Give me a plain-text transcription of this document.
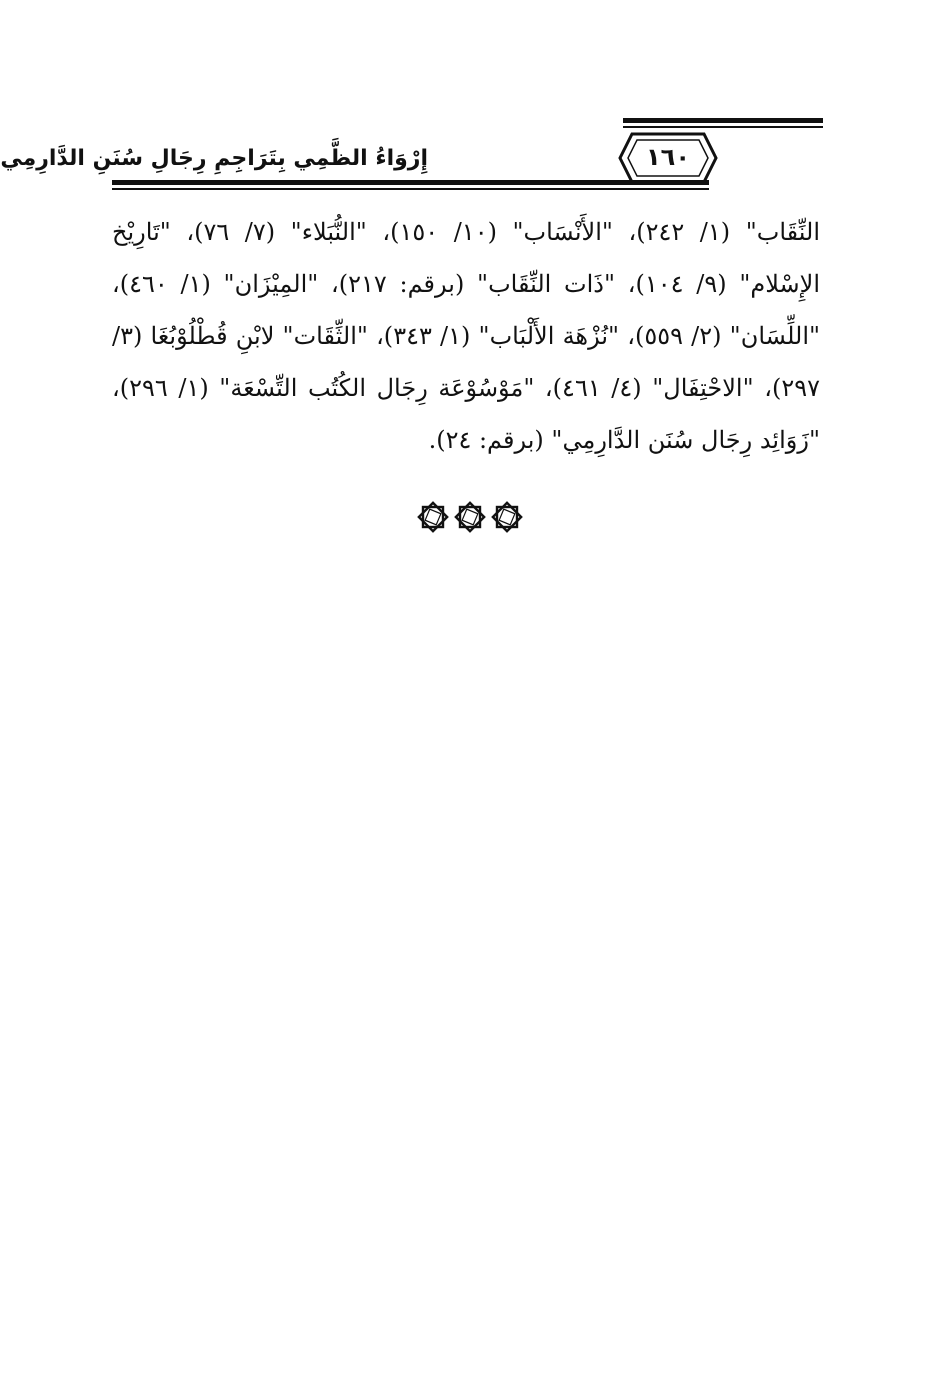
إِرْوَاءُ الظَّمِي بِتَرَاجِمِ رِجَالِ سُنَنِ الدَّارِمِي	١٦٠
النِّقَاب" (١/ ٢٤٢)، "الأَنْسَاب" (١٠/ ١٥٠)، "النُّبَلاء" (٧/ ٧٦)، "تَارِيْخ الإِسْلام" (٩/ ١٠٤)، "ذَات النِّقَاب" (برقم: ٢١٧)، "المِيْزَان" (١/ ٤٦٠)، "اللِّسَان" (٢/ ٥٥٩)، "نُزْهَة الأَلْبَاب" (١/ ٣٤٣)، "الثِّقَات" لابْنِ قُطْلُوْبُغَا (٣/ ٢٩٧)، "الاحْتِفَال" (٤/ ٤٦١)، "مَوْسُوْعَة رِجَال الكُتُب التِّسْعَة" (١/ ٢٩٦)، "زَوَائِد رِجَال سُنَن الدَّارِمِي" (برقم: ٢٤).
